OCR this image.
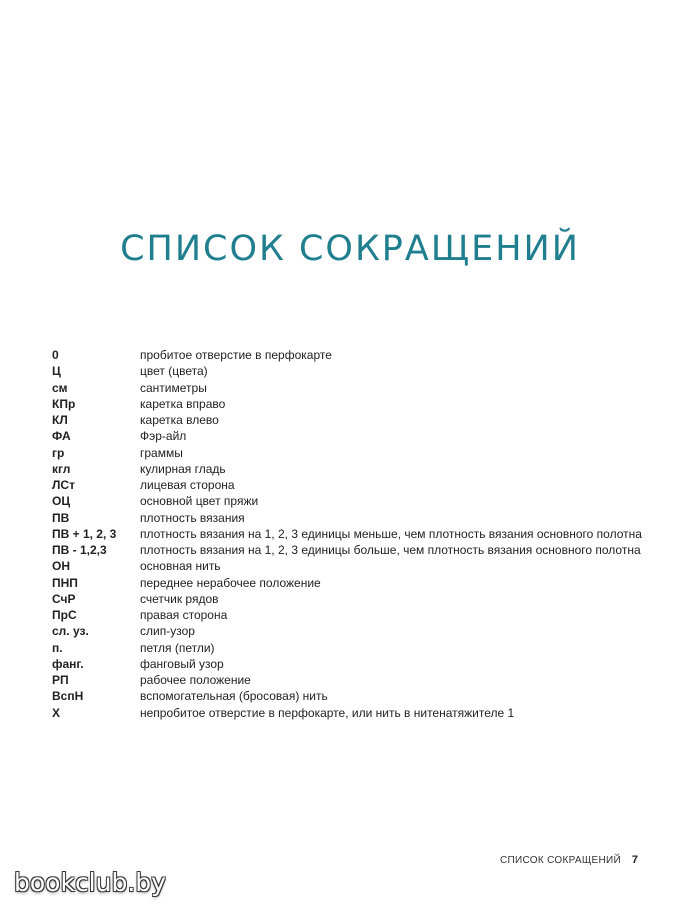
СПИСОК СОКРАЩЕНИЙ
0	пробитое отверстие в перфокарте
Ц	цвет (цвета)
см	сантиметры
КПр	каретка вправо
КЛ	каретка влево
ФА	Фэр-айл
гр	граммы
кгл	кулирная гладь
ЛСт	лицевая сторона
ОЦ	основной цвет пряжи
ПВ	плотность вязания
ПВ + 1, 2, 3	плотность вязания на 1, 2, 3 единицы меньше, чем плотность вязания основного полотна
ПВ - 1,2,3	плотность вязания на 1, 2, 3 единицы больше, чем плотность вязания основного полотна
ОН	основная нить
ПНП	переднее нерабочее положение
СчР	счетчик рядов
ПрС	правая сторона
сл. уз.	слип-узор
п.	петля (петли)
фанг.	фанговый узор
РП	рабочее положение
ВспН	вспомогательная (бросовая) нить
Х	непробитое отверстие в перфокарте, или нить в нитенатяжителе 1
СПИСОК СОКРАЩЕНИЙ 7
bookclub.by
